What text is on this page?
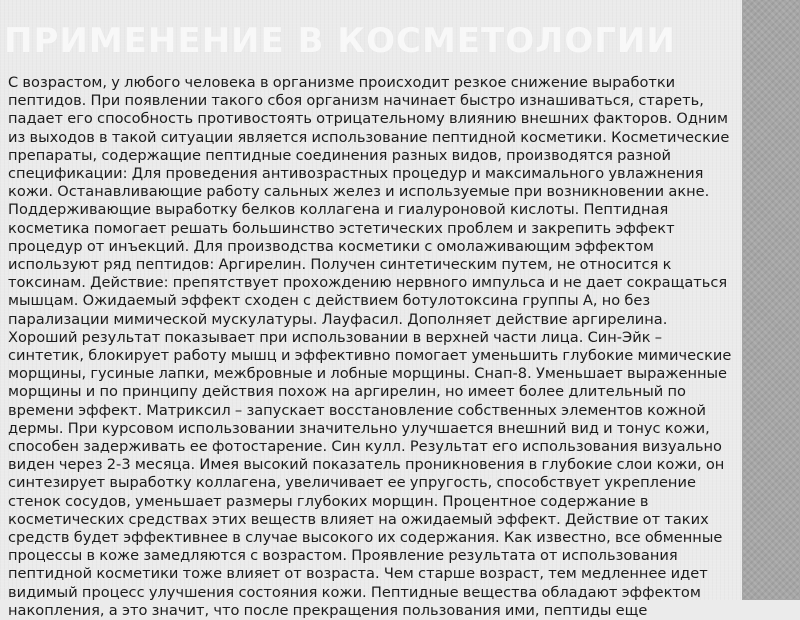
ПРИМЕНЕНИЕ В КОСМЕТОЛОГИИ
С возрастом, у любого человека в организме происходит резкое снижение выработки
пептидов. При появлении такого сбоя организм начинает быстро изнашиваться, стареть,
падает его способность противостоять отрицательному влиянию внешних факторов. Одним
из выходов в такой ситуации является использование пептидной косметики. Косметические
препараты, содержащие пептидные соединения разных видов, производятся разной
спецификации: Для проведения антивозрастных процедур и максимального увлажнения
кожи. Останавливающие работу сальных желез и используемые при возникновении акне.
Поддерживающие выработку белков коллагена и гиалуроновой кислоты. Пептидная
косметика помогает решать большинство эстетических проблем и закрепить эффект
процедур от инъекций. Для производства косметики с омолаживающим эффектом
используют ряд пептидов: Аргирелин. Получен синтетическим путем, не относится к
токсинам. Действие: препятствует прохождению нервного импульса и не дает сокращаться
мышцам. Ожидаемый эффект сходен с действием ботулотоксина группы А, но без
парализации мимической мускулатуры. Лауфасил. Дополняет действие аргирелина.
Хороший результат показывает при использовании в верхней части лица. Син-Эйк –
синтетик, блокирует работу мышц и эффективно помогает уменьшить глубокие мимические
морщины, гусиные лапки, межбровные и лобные морщины. Снап-8. Уменьшает выраженные
морщины и по принципу действия похож на аргирелин, но имеет более длительный по
времени эффект. Матриксил – запускает восстановление собственных элементов кожной
дермы. При курсовом использовании значительно улучшается внешний вид и тонус кожи,
способен задерживать ее фотостарение. Син кулл. Результат его использования визуально
виден через 2-3 месяца. Имея высокий показатель проникновения в глубокие слои кожи, он
синтезирует выработку коллагена, увеличивает ее упругость, способствует укрепление
стенок сосудов, уменьшает размеры глубоких морщин. Процентное содержание в
косметических средствах этих веществ влияет на ожидаемый эффект. Действие от таких
средств будет эффективнее в случае высокого их содержания. Как известно, все обменные
процессы в коже замедляются с возрастом. Проявление результата от использования
пептидной косметики тоже влияет от возраста. Чем старше возраст, тем медленнее идет
видимый процесс улучшения состояния кожи. Пептидные вещества обладают эффектом
накопления, а это значит, что после прекращения пользования ими, пептиды еще
